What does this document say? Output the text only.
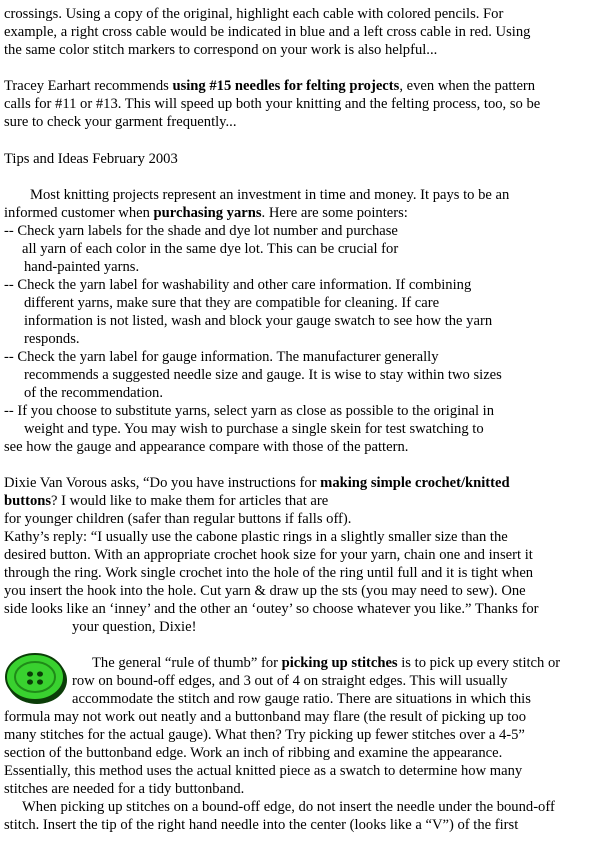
crossings. Using a copy of the original, highlight each cable with colored pencils. For

example, a right cross cable would be indicated in blue and a left cross cable in red. Using

the same color stitch markers to correspond on your work is also helpful...

Tracey Earhart recommends using #15 needles for felting projects, even when the pattern

calls for #11 or #13. This will speed up both your knitting and the felting process, too, so be

sure to check your garment frequently...

Tips and Ideas February 2003

Most knitting projects represent an investment in time and money. It pays to be an

informed customer when purchasing yarns. Here are some pointers:

-- Check yarn labels for the shade and dye lot number and purchase

all yarn of each color in the same dye lot. This can be crucial for

hand-painted yarns.

-- Check the yarn label for washability and other care information. If combining

different yarns, make sure that they are compatible for cleaning. If care

information is not listed, wash and block your gauge swatch to see how the yarn

responds.

-- Check the yarn label for gauge information. The manufacturer generally

recommends a suggested needle size and gauge. It is wise to stay within two sizes

of the recommendation.

-- If you choose to substitute yarns, select yarn as close as possible to the original in

weight and type. You may wish to purchase a single skein for test swatching to

see how the gauge and appearance compare with those of the pattern.

Dixie Van Vorous asks, “Do you have instructions for making simple crochet/knitted

buttons? I would like to make them for articles that are

for younger children (safer than regular buttons if falls off).

Kathy’s reply: “I usually use the cabone plastic rings in a slightly smaller size than the

desired button. With an appropriate crochet hook size for your yarn, chain one and insert it

through the ring. Work single crochet into the hole of the ring until full and it is tight when

you insert the hook into the hole. Cut yarn & draw up the sts (you may need to sew). One

side looks like an ‘inney’ and the other an ‘outey’ so choose whatever you like.” Thanks for

your question, Dixie!

The general “rule of thumb” for picking up stitches is to pick up every stitch or

row on bound-off edges, and 3 out of 4 on straight edges. This will usually

accommodate the stitch and row gauge ratio. There are situations in which this

formula may not work out neatly and a buttonband may flare (the result of picking up too

many stitches for the actual gauge). What then? Try picking up fewer stitches over a 4-5”

section of the buttonband edge. Work an inch of ribbing and examine the appearance.

Essentially, this method uses the actual knitted piece as a swatch to determine how many

stitches are needed for a tidy buttonband.

When picking up stitches on a bound-off edge, do not insert the needle under the bound-off

stitch. Insert the tip of the right hand needle into the center (looks like a “V”) of the first
